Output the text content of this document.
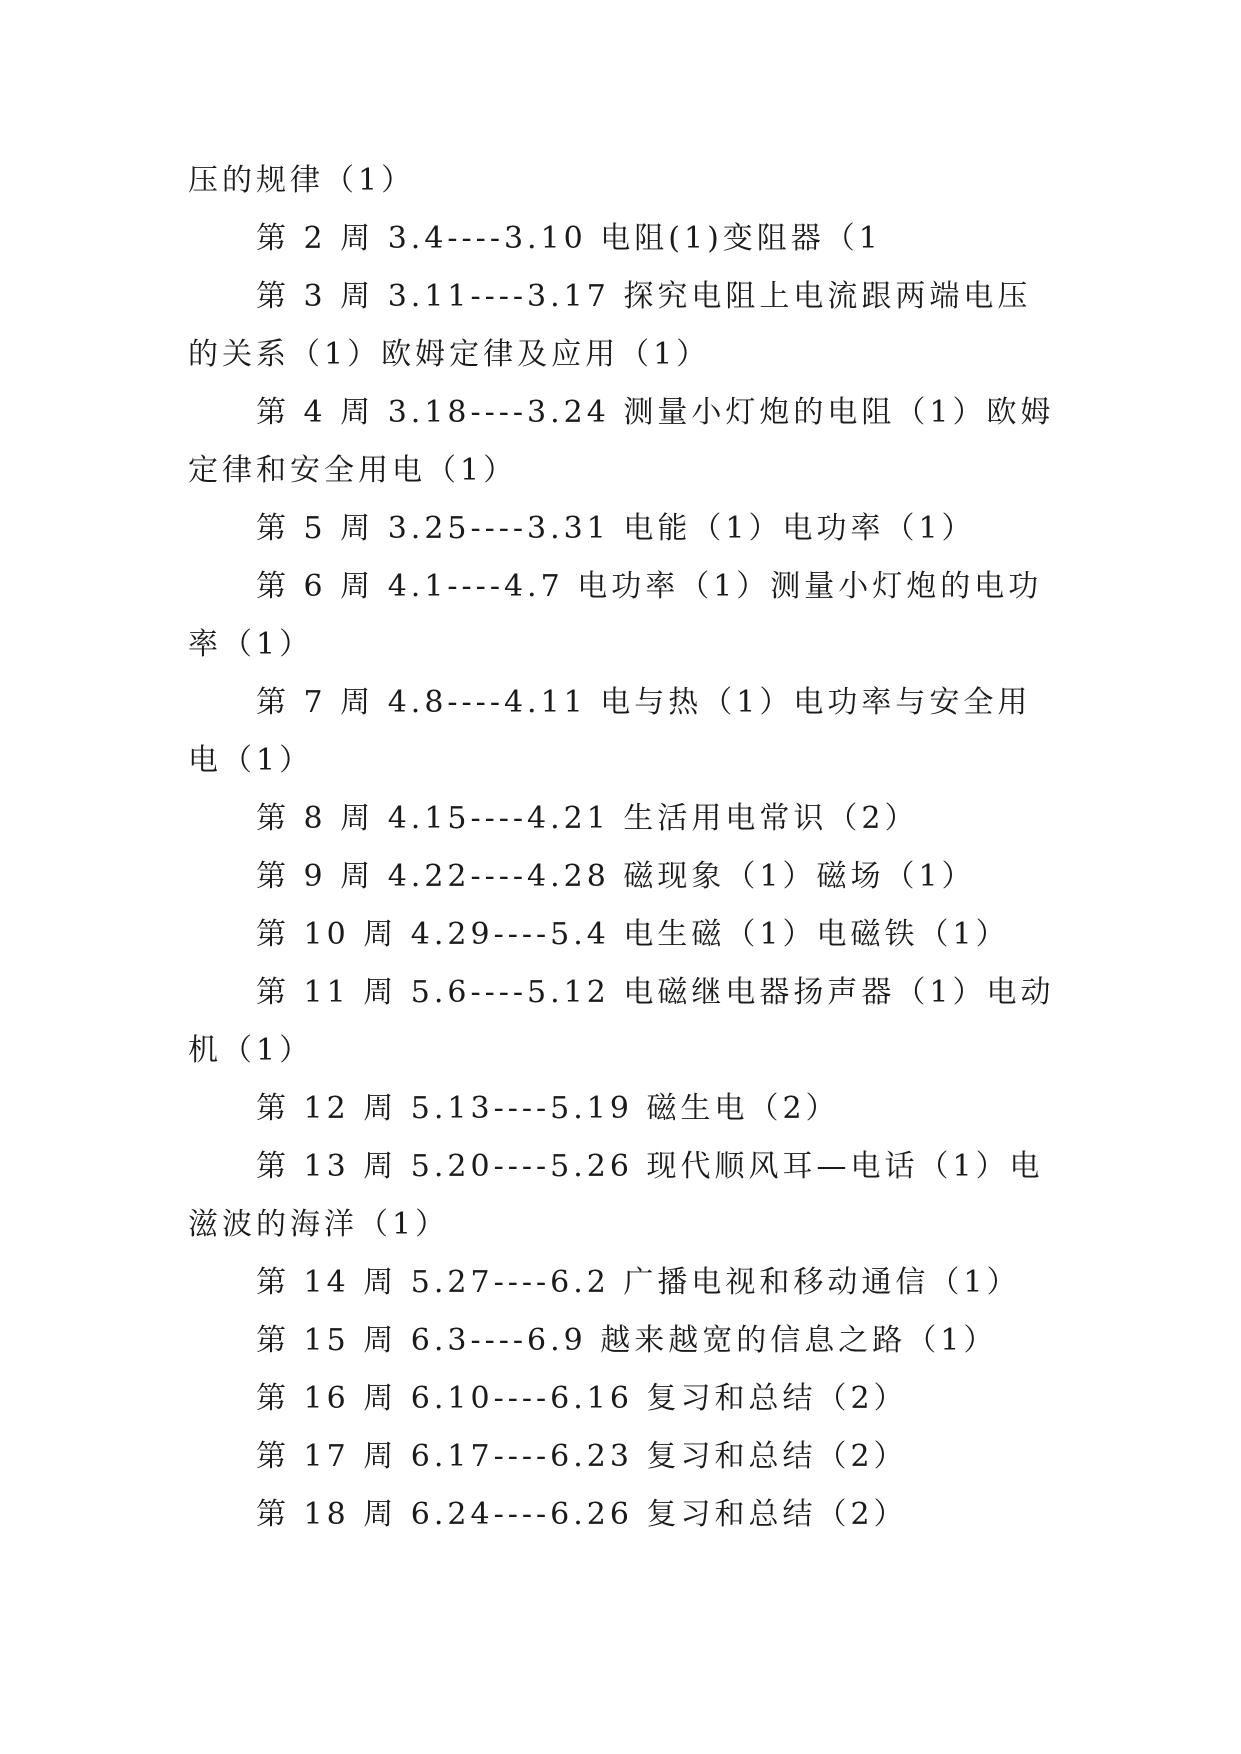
压的规律（1）

第 2 周 3.4----3.10 电阻(1)变阻器（1

第 3 周 3.11----3.17 探究电阻上电流跟两端电压的关系（1）欧姆定律及应用（1）

第 4 周 3.18----3.24 测量小灯炮的电阻（1）欧姆定律和安全用电（1）

第 5 周 3.25----3.31 电能（1）电功率（1）

第 6 周 4.1----4.7 电功率（1）测量小灯炮的电功率（1）

第 7 周 4.8----4.11 电与热（1）电功率与安全用电（1）

第 8 周 4.15----4.21 生活用电常识（2）

第 9 周 4.22----4.28 磁现象（1）磁场（1）

第 10 周 4.29----5.4 电生磁（1）电磁铁（1）

第 11 周 5.6----5.12 电磁继电器扬声器（1）电动机（1）

第 12 周 5.13----5.19 磁生电（2）

第 13 周 5.20----5.26 现代顺风耳—电话（1）电滋波的海洋（1）

第 14 周 5.27----6.2 广播电视和移动通信（1）

第 15 周 6.3----6.9 越来越宽的信息之路（1）

第 16 周 6.10----6.16 复习和总结（2）

第 17 周 6.17----6.23 复习和总结（2）

第 18 周 6.24----6.26 复习和总结（2）
